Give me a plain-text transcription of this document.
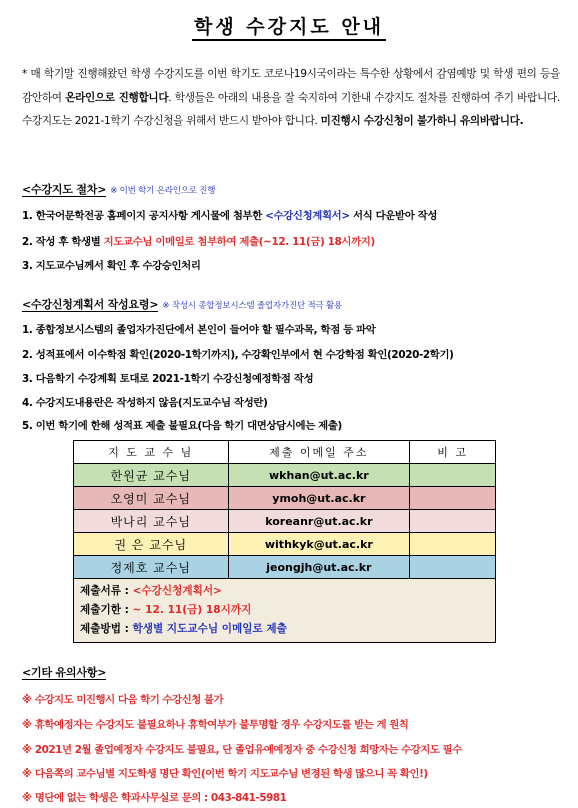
학생 수강지도 안내
* 매 학기말 진행해왔던 학생 수강지도를 이번 학기도 코로나19시국이라는 특수한 상황에서 감염예방 및 학생 편의 등을 감안하여 온라인으로 진행합니다. 학생들은 아래의 내용을 잘 숙지하여 기한내 수강지도 절차를 진행하여 주기 바랍니다. 수강지도는 2021-1학기 수강신청을 위해서 반드시 받아야 합니다. 미진행시 수강신청이 불가하니 유의바랍니다.
<수강지도 절차> ※ 이번 학기 온라인으로 진행
1. 한국어문학전공 홈페이지 공지사항 게시물에 첨부한 <수강신청계획서> 서식 다운받아 작성
2. 작성 후 학생별 지도교수님 이메일로 첨부하여 제출(~12. 11(금) 18시까지)
3. 지도교수님께서 확인 후 수강승인처리
<수강신청계획서 작성요령> ※ 작성시 종합정보시스템 졸업자가진단 적극 활용
1. 종합정보시스템의 졸업자가진단에서 본인이 들어야 할 필수과목, 학점 등 파악
2. 성적표에서 이수학점 확인(2020-1학기까지), 수강확인부에서 현 수강학점 확인(2020-2학기)
3. 다음학기 수강계획 토대로 2021-1학기 수강신청예정학점 작성
4. 수강지도내용란은 작성하지 않음(지도교수님 작성란)
5. 이번 학기에 한해 성적표 제출 불필요(다음 학기 대면상담시에는 제출)
지 도 교 수 님	제출 이메일 주소	비 고
한원균 교수님	wkhan@ut.ac.kr	
오영미 교수님	ymoh@ut.ac.kr	
박나리 교수님	koreanr@ut.ac.kr	
권 은 교수님	withkyk@ut.ac.kr	
정제호 교수님	jeongjh@ut.ac.kr	

제출서류 : <수강신청계획서>
제출기한 : ~ 12. 11(금) 18시까지
제출방법 : 학생별 지도교수님 이메일로 제출		
<기타 유의사항>
※ 수강지도 미진행시 다음 학기 수강신청 불가
※ 휴학예정자는 수강지도 불필요하나 휴학여부가 불투명할 경우 수강지도를 받는 게 원칙
※ 2021년 2월 졸업예정자 수강지도 불필요, 단 졸업유예예정자 중 수강신청 희망자는 수강지도 필수
※ 다음쪽의 교수님별 지도학생 명단 확인(이번 학기 지도교수님 변경된 학생 많으니 꼭 확인!)
※ 명단에 없는 학생은 학과사무실로 문의 : 043-841-5981
